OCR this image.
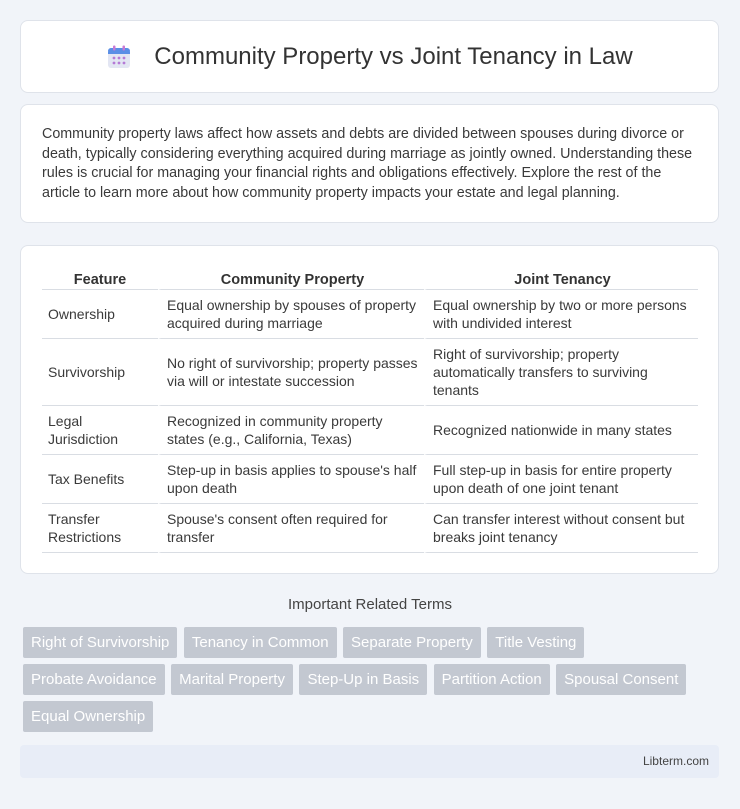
Community Property vs Joint Tenancy in Law

Community property laws affect how assets and debts are divided between spouses during divorce or death, typically considering everything acquired during marriage as jointly owned. Understanding these rules is crucial for managing your financial rights and obligations effectively. Explore the rest of the article to learn more about how community property impacts your estate and legal planning.

Feature	Community Property	Joint Tenancy
Ownership	Equal ownership by spouses of property acquired during marriage	Equal ownership by two or more persons with undivided interest
Survivorship	No right of survivorship; property passes via will or intestate succession	Right of survivorship; property automatically transfers to surviving tenants
Legal Jurisdiction	Recognized in community property states (e.g., California, Texas)	Recognized nationwide in many states
Tax Benefits	Step-up in basis applies to spouse's half upon death	Full step-up in basis for entire property upon death of one joint tenant
Transfer Restrictions	Spouse's consent often required for transfer	Can transfer interest without consent but breaks joint tenancy
Important Related Terms
Right of Survivorship Tenancy in Common Separate Property Title Vesting Probate Avoidance Marital Property Step-Up in Basis Partition Action Spousal Consent Equal Ownership
Libterm.com
